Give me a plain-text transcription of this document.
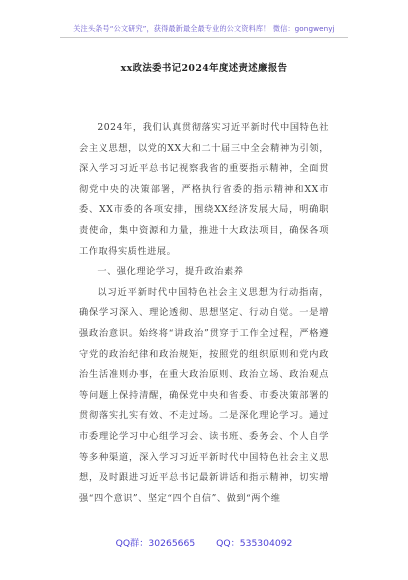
关注头条号“公文研究”，获得最新最全最专业的公文资料库！ 微信：gongwenyj
xx政法委书记2024年度述责述廉报告

2024年，我们认真贯彻落实习近平新时代中国特色社会主义思想，以党的XX大和二十届三中全会精神为引领，深入学习习近平总书记视察我省的重要指示精神，全面贯彻党中央的决策部署，严格执行省委的指示精神和XX市委、XX市委的各项安排，围绕XX经济发展大局，明确职责使命，集中资源和力量，推进十大政法项目，确保各项工作取得实质性进展。

一、强化理论学习，提升政治素养

以习近平新时代中国特色社会主义思想为行动指南，确保学习深入、理论透彻、思想坚定、行动自觉。一是增强政治意识。始终将“讲政治”贯穿于工作全过程，严格遵守党的政治纪律和政治规矩，按照党的组织原则和党内政治生活准则办事，在重大政治原则、政治立场、政治观点等问题上保持清醒，确保党中央和省委、市委决策部署的贯彻落实扎实有效、不走过场。二是深化理论学习。通过市委理论学习中心组学习会、读书班、委务会、个人自学等多种渠道，深入学习习近平新时代中国特色社会主义思想，及时跟进习近平总书记最新讲话和指示精神，切实增强“四个意识”、坚定“四个自信”、做到“两个维

QQ群：30265665 QQ：535304092
